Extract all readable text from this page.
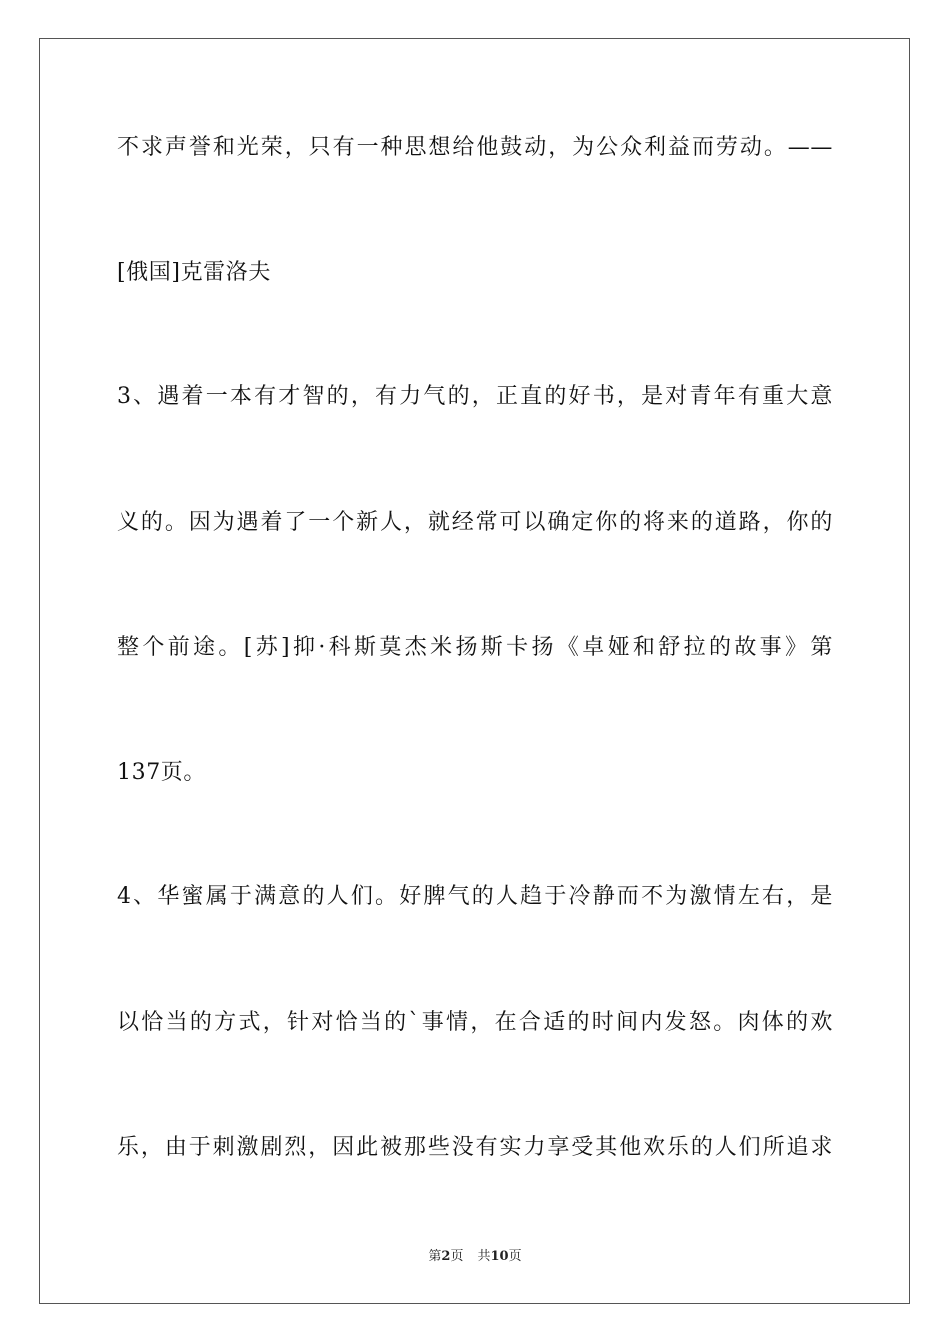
不求声誉和光荣，只有一种思想给他鼓动，为公众利益而劳动。——
[俄国]克雷洛夫
3、遇着一本有才智的，有力气的，正直的好书，是对青年有重大意
义的。因为遇着了一个新人，就经常可以确定你的将来的道路，你的
整个前途。[苏]抑·科斯莫杰米扬斯卡扬《卓娅和舒拉的故事》第
137页。
4、华蜜属于满意的人们。好脾气的人趋于冷静而不为激情左右，是
以恰当的方式，针对恰当的`事情，在合适的时间内发怒。肉体的欢
乐，由于刺激剧烈，因此被那些没有实力享受其他欢乐的人们所追求
第2页 共10页
